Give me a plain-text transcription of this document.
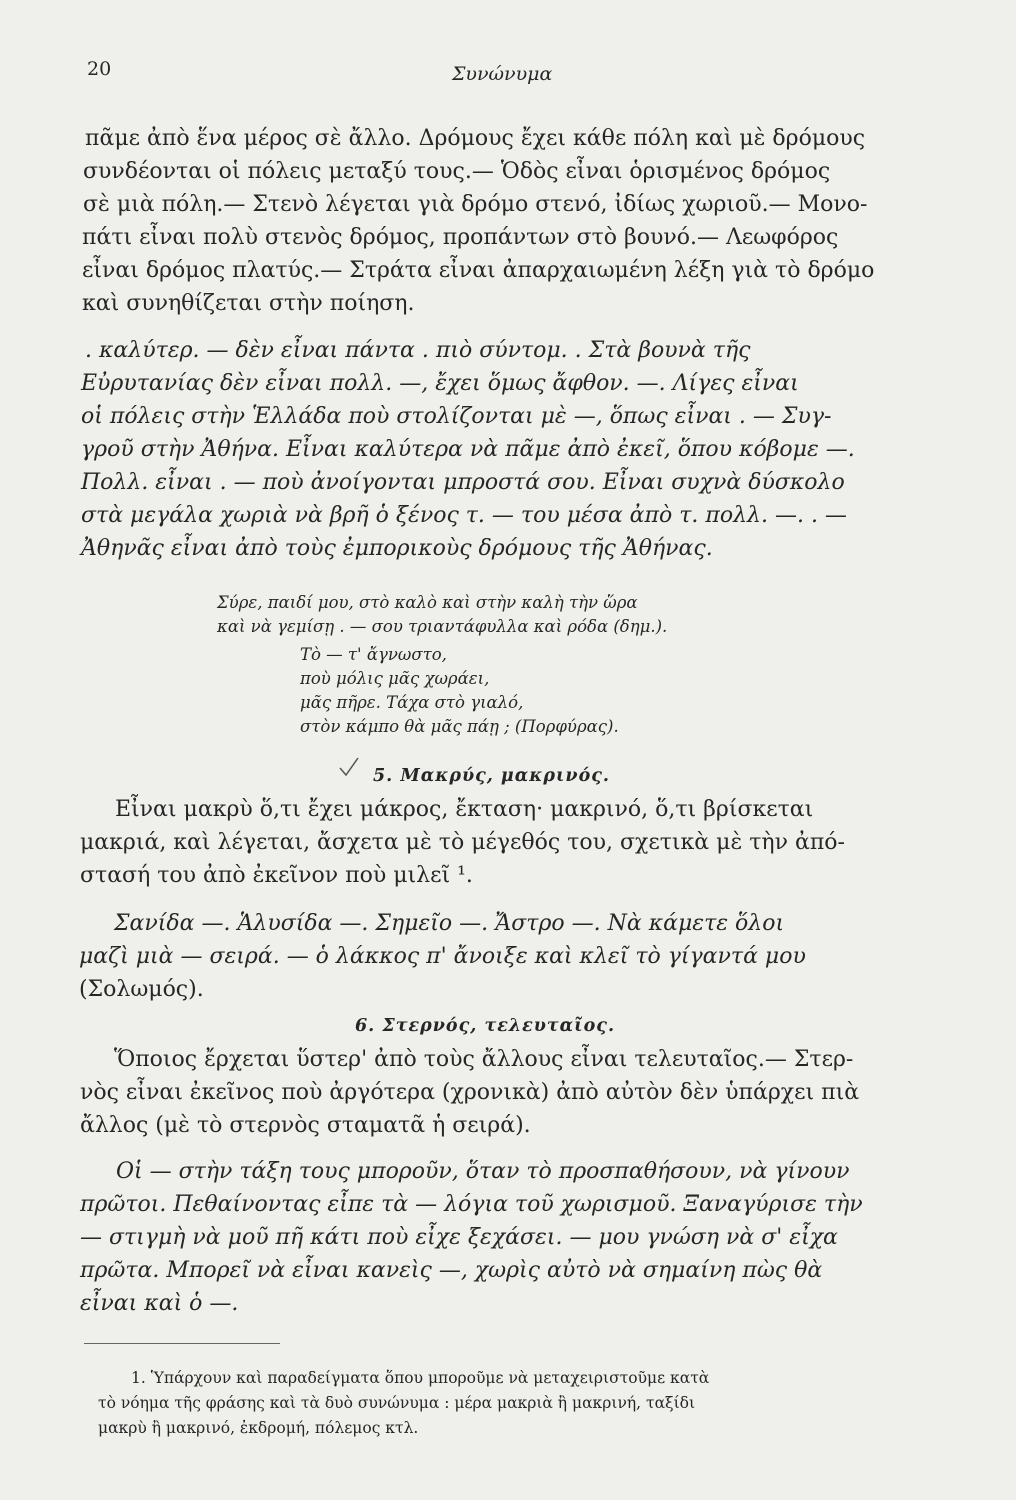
20	Συνώνυμα
πᾶμε ἀπὸ ἕνα μέρος σὲ ἄλλο. Δρόμους ἔχει κάθε πόλη καὶ μὲ δρόμους
συνδέονται οἱ πόλεις μεταξύ τους.— Ὁδὸς εἶναι ὁρισμένος δρόμος
σὲ μιὰ πόλη.— Στενὸ λέγεται γιὰ δρόμο στενό, ἰδίως χωριοῦ.— Μονο-
πάτι εἶναι πολὺ στενὸς δρόμος, προπάντων στὸ βουνό.— Λεωφόρος
εἶναι δρόμος πλατύς.— Στράτα εἶναι ἀπαρχαιωμένη λέξη γιὰ τὸ δρόμο
καὶ συνηθίζεται στὴν ποίηση.
. καλύτερ. — δὲν εἶναι πάντα . πιὸ σύντομ. . Στὰ βουνὰ τῆς
Εὐρυτανίας δὲν εἶναι πολλ. —, ἔχει ὅμως ἄφθον. —. Λίγες εἶναι
οἱ πόλεις στὴν Ἑλλάδα ποὺ στολίζονται μὲ —, ὅπως εἶναι . — Συγ-
γροῦ στὴν Ἀθήνα. Εἶναι καλύτερα νὰ πᾶμε ἀπὸ ἐκεῖ, ὅπου κόβομε —.
Πολλ. εἶναι . — ποὺ ἀνοίγονται μπροστά σου. Εἶναι συχνὰ δύσκολο
στὰ μεγάλα χωριὰ νὰ βρῆ ὁ ξένος τ. — του μέσα ἀπὸ τ. πολλ. —. . —
Ἀθηνᾶς εἶναι ἀπὸ τοὺς ἐμπορικοὺς δρόμους τῆς Ἀθήνας.
Σύρε, παιδί μου, στὸ καλὸ καὶ στὴν καλὴ τὴν ὥρα
καὶ νὰ γεμίσῃ . — σου τριαντάφυλλα καὶ ρόδα (δημ.).
Τὸ — τ' ἄγνωστο,
ποὺ μόλις μᾶς χωράει,
μᾶς πῆρε. Τάχα στὸ γιαλό,
στὸν κάμπο θὰ μᾶς πάῃ ; (Πορφύρας).
5. Μακρύς, μακρινός.
Εἶναι μακρὺ ὅ,τι ἔχει μάκρος, ἔκταση· μακρινό, ὅ,τι βρίσκεται
μακριά, καὶ λέγεται, ἄσχετα μὲ τὸ μέγεθός του, σχετικὰ μὲ τὴν ἀπό-
στασή του ἀπὸ ἐκεῖνον ποὺ μιλεῖ ¹.
Σανίδα —. Ἁλυσίδα —. Σημεῖο —. Ἄστρο —. Νὰ κάμετε ὅλοι
μαζὶ μιὰ — σειρά. — ὁ λάκκος π' ἄνοιξε καὶ κλεῖ τὸ γίγαντά μου
(Σολωμός).
6. Στερνός, τελευταῖος.
Ὅποιος ἔρχεται ὕστερ' ἀπὸ τοὺς ἄλλους εἶναι τελευταῖος.— Στερ-
νὸς εἶναι ἐκεῖνος ποὺ ἀργότερα (χρονικὰ) ἀπὸ αὐτὸν δὲν ὑπάρχει πιὰ
ἄλλος (μὲ τὸ στερνὸς σταματᾶ ἡ σειρά).
Οἱ — στὴν τάξη τους μποροῦν, ὅταν τὸ προσπαθήσουν, νὰ γίνουν
πρῶτοι. Πεθαίνοντας εἶπε τὰ — λόγια τοῦ χωρισμοῦ. Ξαναγύρισε τὴν
— στιγμὴ νὰ μοῦ πῆ κάτι ποὺ εἶχε ξεχάσει. — μου γνώση νὰ σ' εἶχα
πρῶτα. Μπορεῖ νὰ εἶναι κανεὶς —, χωρὶς αὐτὸ νὰ σημαίνη πὼς θὰ
εἶναι καὶ ὁ —.
1. Ὑπάρχουν καὶ παραδείγματα ὅπου μποροῦμε νὰ μεταχειριστοῦμε κατὰ
τὸ νόημα τῆς φράσης καὶ τὰ δυὸ συνώνυμα : μέρα μακριὰ ἢ μακρινή, ταξίδι
μακρὺ ἢ μακρινό, ἐκδρομή, πόλεμος κτλ.
